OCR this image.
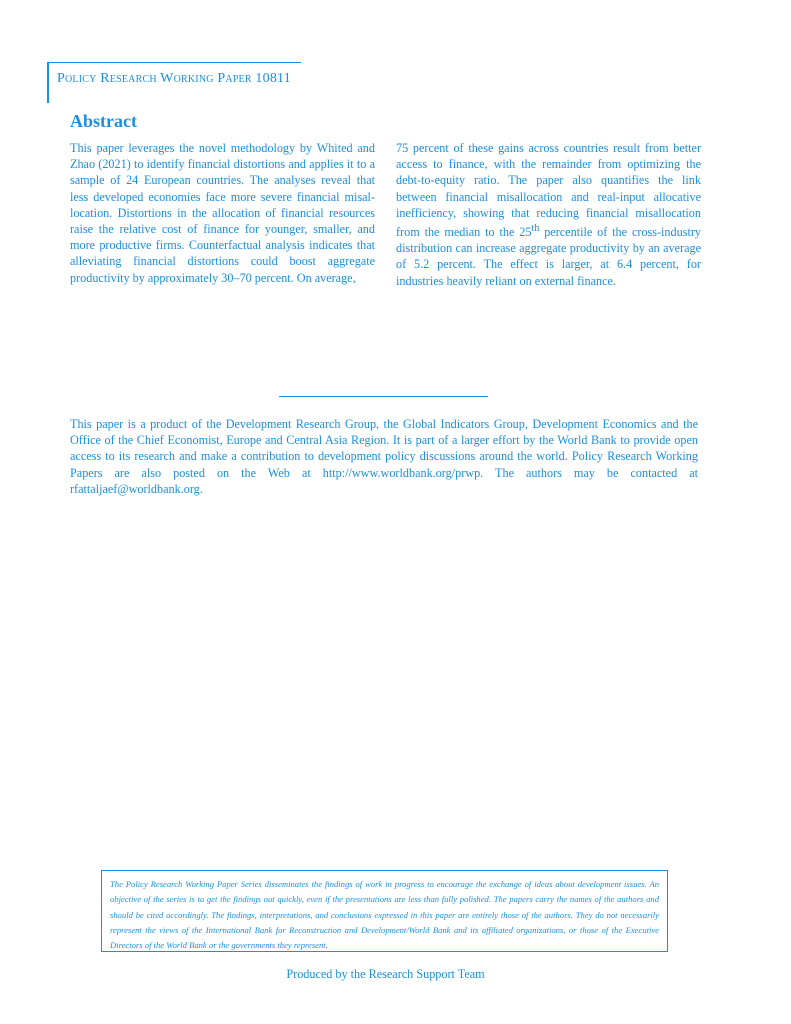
Policy Research Working Paper 10811
Abstract

This paper leverages the novel methodology by Whited and Zhao (2021) to identify financial distortions and applies it to a sample of 24 European countries. The analyses reveal that less developed economies face more severe financial misallocation. Distortions in the allocation of financial resources raise the relative cost of finance for younger, smaller, and more productive firms. Counterfactual analysis indicates that alleviating financial distortions could boost aggregate productivity by approximately 30–70 percent. On average,

75 percent of these gains across countries result from better access to finance, with the remainder from optimizing the debt-to-equity ratio. The paper also quantifies the link between financial misallocation and real-input allocative inefficiency, showing that reducing financial misallocation from the median to the 25th percentile of the cross-industry distribution can increase aggregate productivity by an average of 5.2 percent. The effect is larger, at 6.4 percent, for industries heavily reliant on external finance.

This paper is a product of the Development Research Group, the Global Indicators Group, Development Economics and the Office of the Chief Economist, Europe and Central Asia Region. It is part of a larger effort by the World Bank to provide open access to its research and make a contribution to development policy discussions around the world. Policy Research Working Papers are also posted on the Web at http://www.worldbank.org/prwp. The authors may be contacted at rfattaljaef@worldbank.org.

The Policy Research Working Paper Series disseminates the findings of work in progress to encourage the exchange of ideas about development issues. An objective of the series is to get the findings out quickly, even if the presentations are less than fully polished. The papers carry the names of the authors and should be cited accordingly. The findings, interpretations, and conclusions expressed in this paper are entirely those of the authors. They do not necessarily represent the views of the International Bank for Reconstruction and Development/World Bank and its affiliated organizations, or those of the Executive Directors of the World Bank or the governments they represent.

Produced by the Research Support Team
